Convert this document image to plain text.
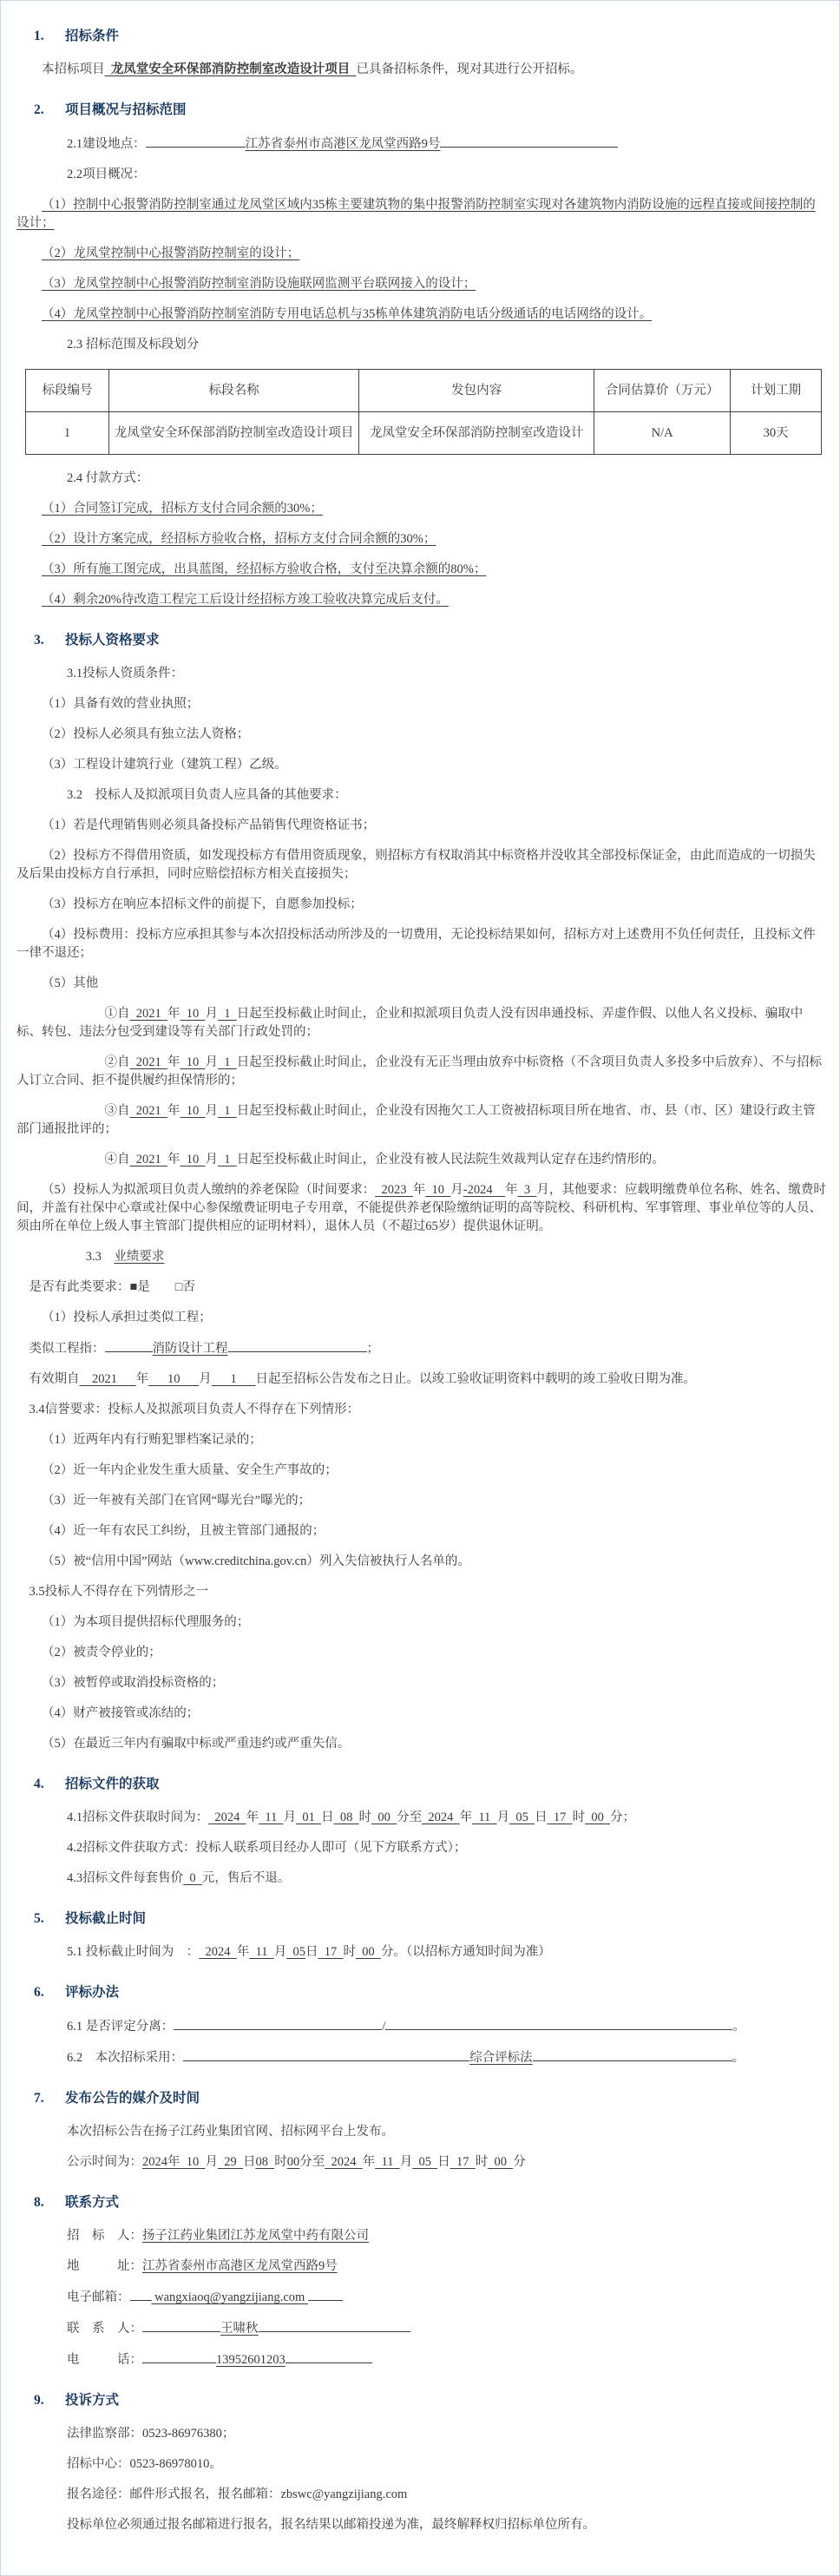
1.	招标条件

本招标项目  龙凤堂安全环保部消防控制室改造设计项目  已具备招标条件，现对其进行公开招标。

2.	项目概况与招标范围

2.1建设地点：	江苏省泰州市高港区龙凤堂西路9号

2.2项目概况：

（1）控制中心报警消防控制室通过龙凤堂区域内35栋主要建筑物的集中报警消防控制室实现对各建筑物内消防设施的远程直接或间接控制的设计；

（2）龙凤堂控制中心报警消防控制室的设计；

（3）龙凤堂控制中心报警消防控制室消防设施联网监测平台联网接入的设计；

（4）龙凤堂控制中心报警消防控制室消防专用电话总机与35栋单体建筑消防电话分级通话的电话网络的设计。

2.3 招标范围及标段划分

标段编号	标段名称	发包内容	合同估算价（万元）	计划工期
1	龙凤堂安全环保部消防控制室改造设计项目	龙凤堂安全环保部消防控制室改造设计	N/A	30天

2.4 付款方式：

（1）合同签订完成，招标方支付合同余额的30%；

（2）设计方案完成，经招标方验收合格，招标方支付合同余额的30%；

（3）所有施工图完成，出具蓝图，经招标方验收合格，支付至决算余额的80%；

（4）剩余20%待改造工程完工后设计经招标方竣工验收决算完成后支付。

3.	投标人资格要求

3.1投标人资质条件：

（1）具备有效的营业执照；

（2）投标人必须具有独立法人资格；

（3）工程设计建筑行业（建筑工程）乙级。

3.2　投标人及拟派项目负责人应具备的其他要求：

（1）若是代理销售则必须具备投标产品销售代理资格证书；

（2）投标方不得借用资质，如发现投标方有借用资质现象，则招标方有权取消其中标资格并没收其全部投标保证金，由此而造成的一切损失及后果由投标方自行承担，同时应赔偿招标方相关直接损失；

（3）投标方在响应本招标文件的前提下，自愿参加投标；

（4）投标费用：投标方应承担其参与本次招投标活动所涉及的一切费用，无论投标结果如何，招标方对上述费用不负任何责任，且投标文件一律不退还；

（5）其他

①自  2021  年  10  月  1  日起至投标截止时间止，企业和拟派项目负责人没有因串通投标、弄虚作假、以他人名义投标、骗取中标、转包、违法分包受到建设等有关部门行政处罚的；

②自  2021  年  10  月  1  日起至投标截止时间止，企业没有无正当理由放弃中标资格（不含项目负责人多投多中后放弃）、不与招标人订立合同、拒不提供履约担保情形的；

③自  2021  年  10  月  1  日起至投标截止时间止，企业没有因拖欠工人工资被招标项目所在地省、市、县（市、区）建设行政主管部门通报批评的；

④自  2021  年  10  月  1  日起至投标截止时间止，企业没有被人民法院生效裁判认定存在违约情形的。

（5）投标人为拟派项目负责人缴纳的养老保险（时间要求：  2023  年  10  月-2024    年  3  月，其他要求：应载明缴费单位名称、姓名、缴费时间，并盖有社保中心章或社保中心参保缴费证明电子专用章，不能提供养老保险缴纳证明的高等院校、科研机构、军事管理、事业单位等的人员、须由所在单位上级人事主管部门提供相应的证明材料），退休人员（不超过65岁）提供退休证明。

3.3　业绩要求

是否有此类要求：■是　　□否

（1）投标人承担过类似工程；

类似工程指：	消防设计工程	；

有效期自    2021      年      10      月      1      日起至招标公告发布之日止。以竣工验收证明资料中载明的竣工验收日期为准。

3.4信誉要求：投标人及拟派项目负责人不得存在下列情形：

（1）近两年内有行贿犯罪档案记录的；

（2）近一年内企业发生重大质量、安全生产事故的；

（3）近一年被有关部门在官网“曝光台”曝光的；

（4）近一年有农民工纠纷，且被主管部门通报的；

（5）被“信用中国”网站（www.creditchina.gov.cn）列入失信被执行人名单的。

3.5投标人不得存在下列情形之一

（1）为本项目提供招标代理服务的；

（2）被责令停业的；

（3）被暂停或取消投标资格的；

（4）财产被接管或冻结的；

（5）在最近三年内有骗取中标或严重违约或严重失信。

4.	招标文件的获取

4.1招标文件获取时间为：  2024  年  11  月  01  日  08  时  00  分至  2024  年  11  月  05  日  17  时  00  分；

4.2招标文件获取方式：投标人联系项目经办人即可（见下方联系方式）；

4.3招标文件每套售价  0  元，售后不退。

5.	投标截止时间

5.1 投标截止时间为　：  2024  年  11  月  05日  17  时  00  分。（以招标方通知时间为准）

6.	评标办法

6.1 是否评定分离：	/	。

6.2　本次招标采用：	综合评标法	。

7.	发布公告的媒介及时间

本次招标公告在扬子江药业集团官网、招标网平台上发布。

公示时间为：2024年  10  月  29  日08  时00分至  2024  年  11  月  05  日  17  时  00  分

8.	联系方式

招　标　人：扬子江药业集团江苏龙凤堂中药有限公司

地　　　址：江苏省泰州市高港区龙凤堂西路9号

电子邮箱： wangxiaoq@yangzijiang.com

联　系　人：	王啸秋

电　　　话：	13952601203

9.	投诉方式

法律监察部：0523-86976380；

招标中心：0523-86978010。

报名途径：邮件形式报名，报名邮箱：zbswc@yangzijiang.com

投标单位必须通过报名邮箱进行报名，报名结果以邮箱投递为准，最终解释权归招标单位所有。
